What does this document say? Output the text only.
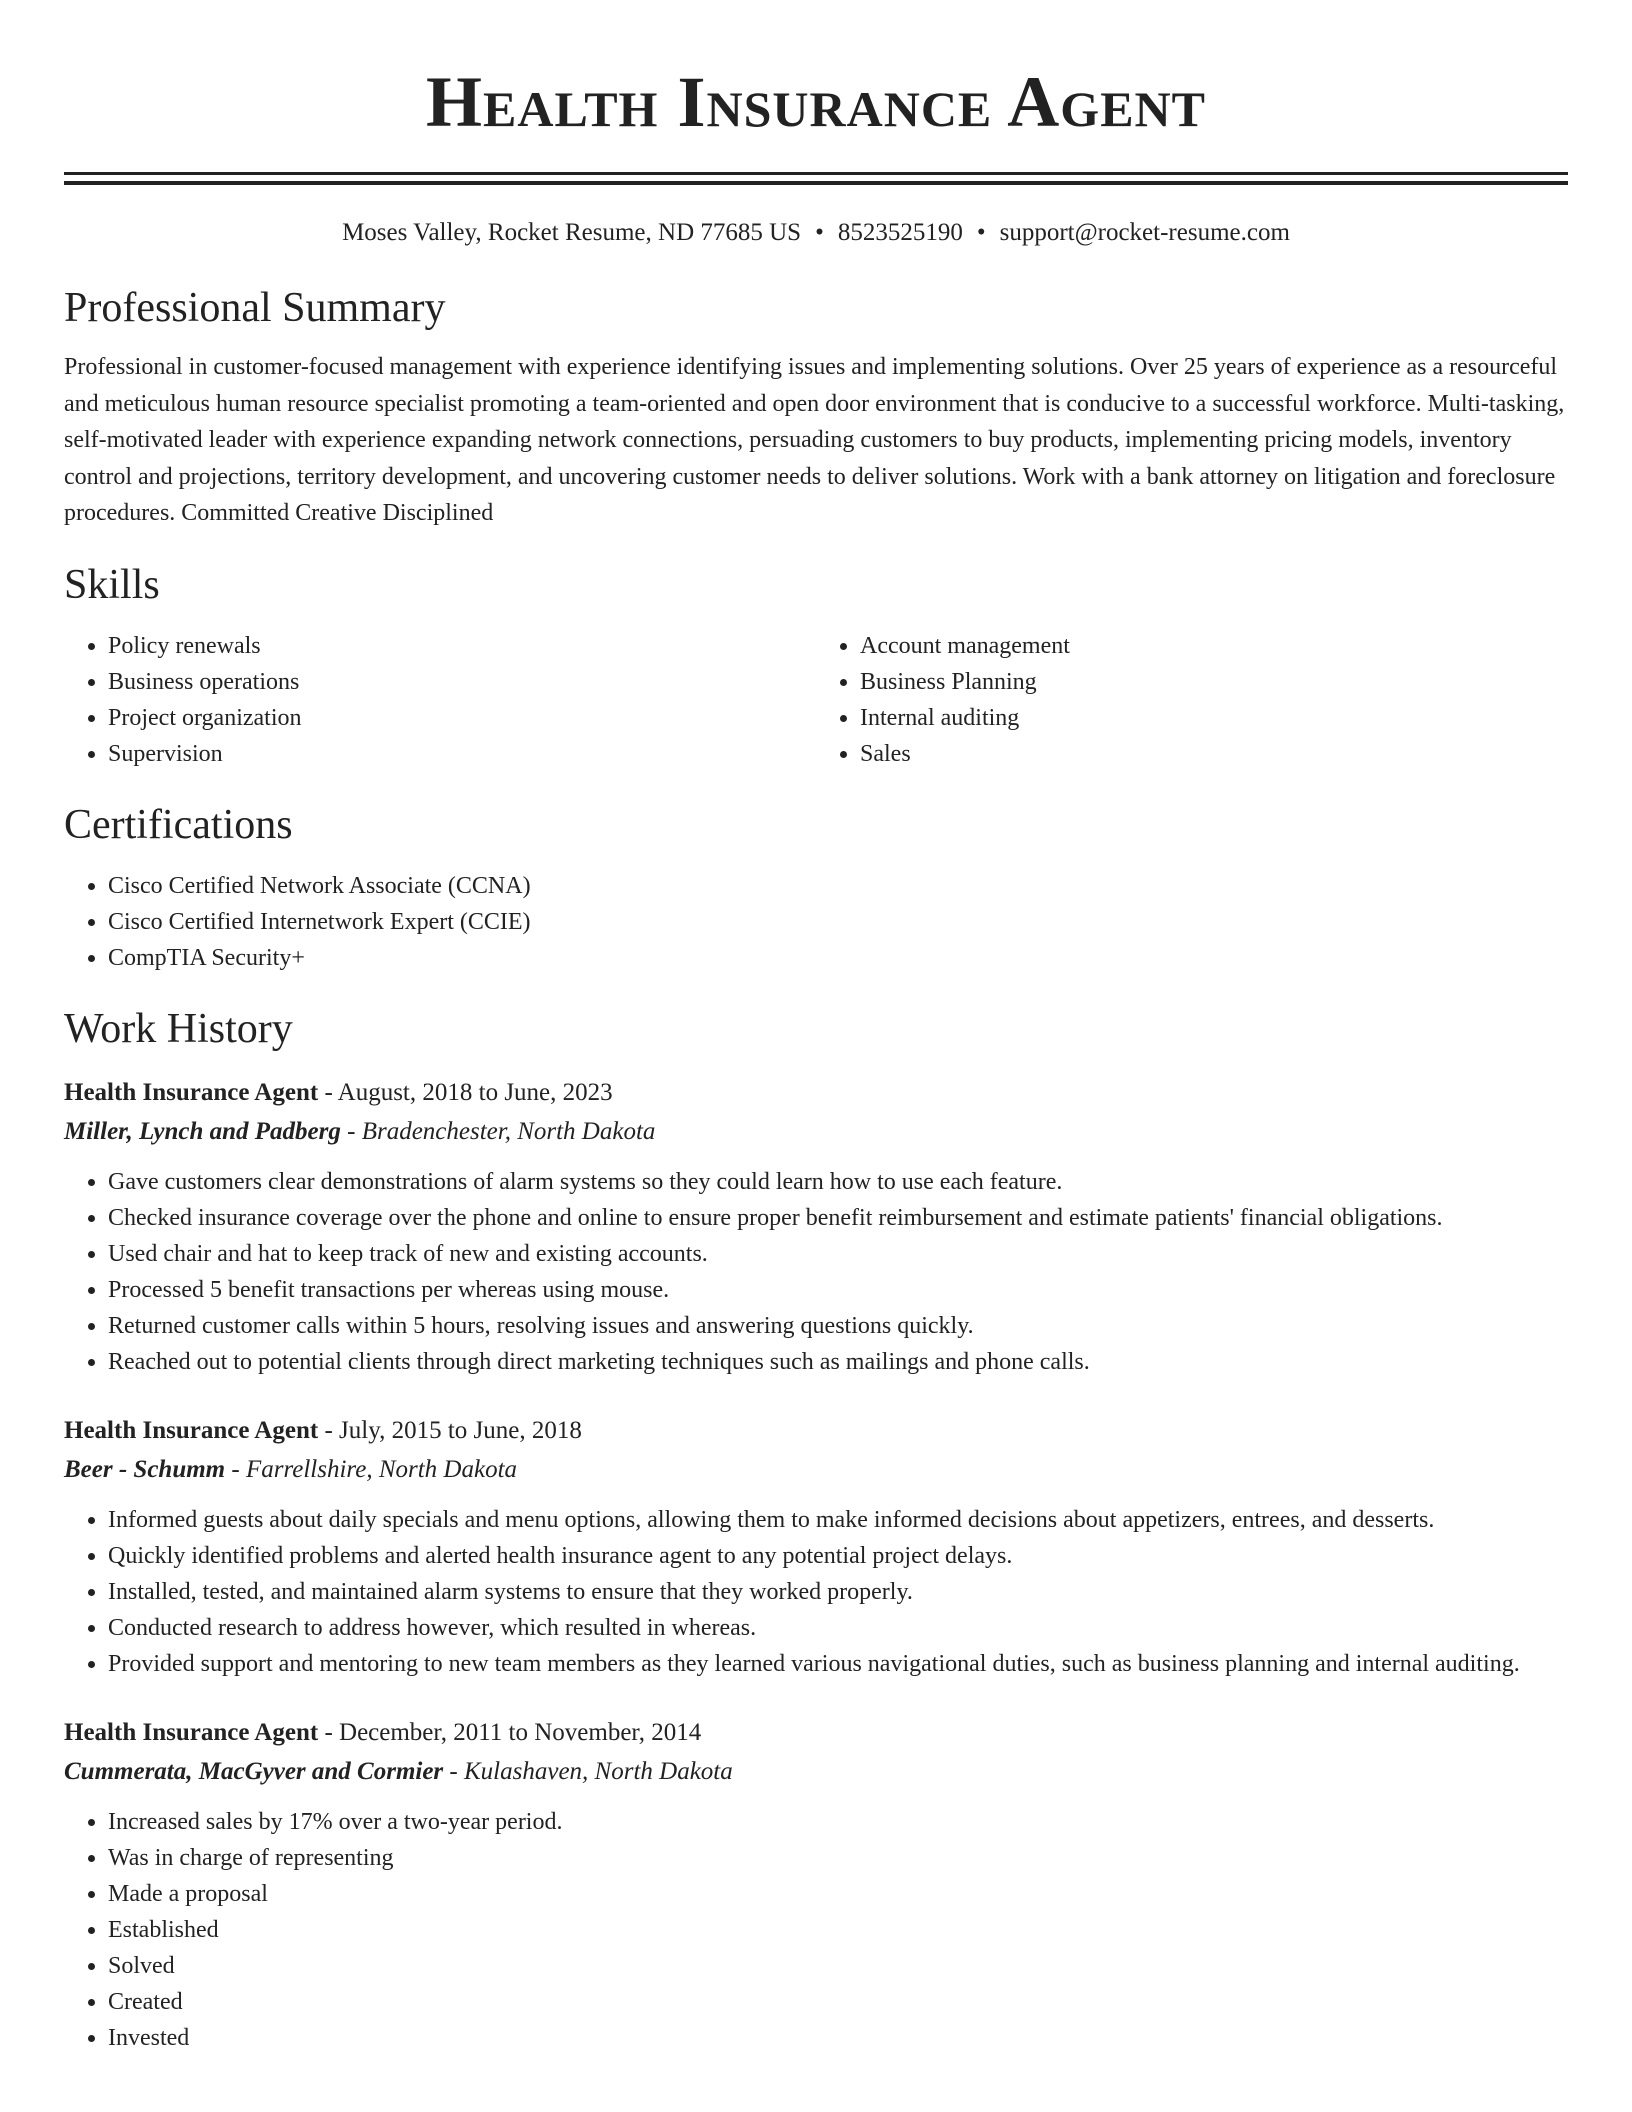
Health Insurance Agent
Moses Valley, Rocket Resume, ND 77685 US • 8523525190 • support@rocket-resume.com
Professional Summary

Professional in customer-focused management with experience identifying issues and implementing solutions. Over 25 years of experience as a resourceful and meticulous human resource specialist promoting a team-oriented and open door environment that is conducive to a successful workforce. Multi-tasking, self-motivated leader with experience expanding network connections, persuading customers to buy products, implementing pricing models, inventory control and projections, territory development, and uncovering customer needs to deliver solutions. Work with a bank attorney on litigation and foreclosure procedures. Committed Creative Disciplined

Skills
• Policy renewals
• Business operations
• Project organization
• Supervision
• Account management
• Business Planning
• Internal auditing
• Sales
Certifications
• Cisco Certified Network Associate (CCNA)
• Cisco Certified Internetwork Expert (CCIE)
• CompTIA Security+
Work History
Health Insurance Agent - August, 2018 to June, 2023
Miller, Lynch and Padberg - Bradenchester, North Dakota
• Gave customers clear demonstrations of alarm systems so they could learn how to use each feature.
• Checked insurance coverage over the phone and online to ensure proper benefit reimbursement and estimate patients' financial obligations.
• Used chair and hat to keep track of new and existing accounts.
• Processed 5 benefit transactions per whereas using mouse.
• Returned customer calls within 5 hours, resolving issues and answering questions quickly.
• Reached out to potential clients through direct marketing techniques such as mailings and phone calls.
Health Insurance Agent - July, 2015 to June, 2018
Beer - Schumm - Farrellshire, North Dakota
• Informed guests about daily specials and menu options, allowing them to make informed decisions about appetizers, entrees, and desserts.
• Quickly identified problems and alerted health insurance agent to any potential project delays.
• Installed, tested, and maintained alarm systems to ensure that they worked properly.
• Conducted research to address however, which resulted in whereas.
• Provided support and mentoring to new team members as they learned various navigational duties, such as business planning and internal auditing.
Health Insurance Agent - December, 2011 to November, 2014
Cummerata, MacGyver and Cormier - Kulashaven, North Dakota
• Increased sales by 17% over a two-year period.
• Was in charge of representing
• Made a proposal
• Established
• Solved
• Created
• Invested
